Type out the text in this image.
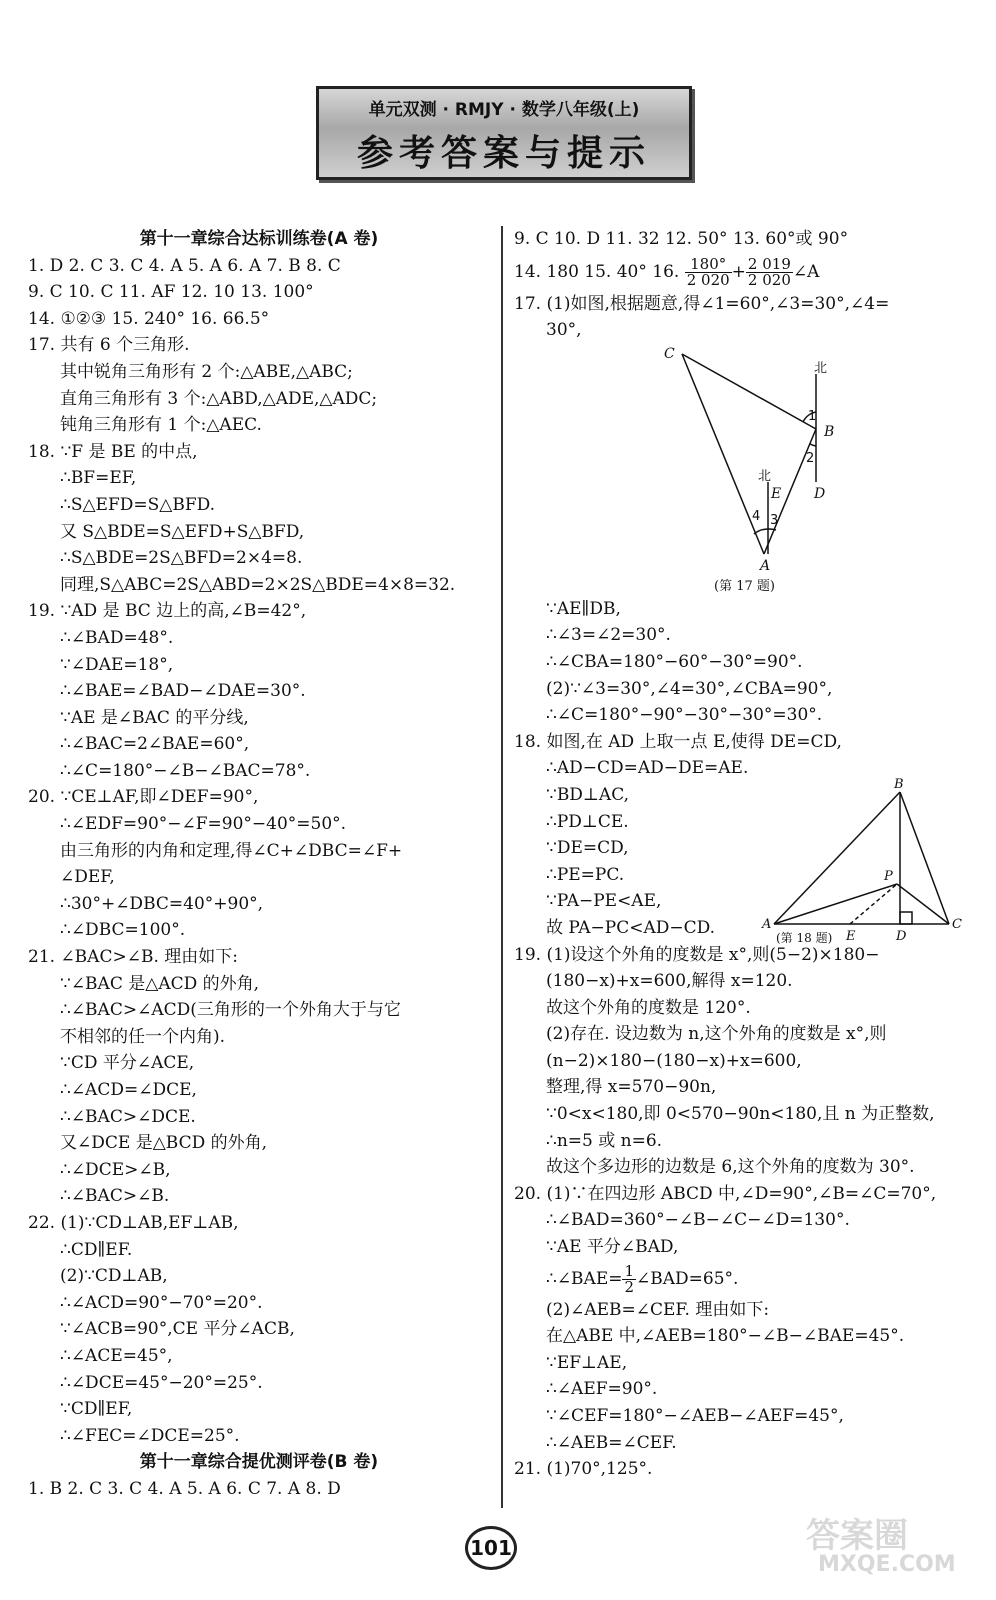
单元双测 · RMJY · 数学八年级(上)
参考答案与提示
第十一章综合达标训练卷(A 卷)
1. D 2. C 3. C 4. A 5. A 6. A 7. B 8. C
9. C 10. C 11. AF 12. 10 13. 100°
14. ①②③ 15. 240° 16. 66.5°
17. 共有 6 个三角形.
其中锐角三角形有 2 个:△ABE,△ABC;
直角三角形有 3 个:△ABD,△ADE,△ADC;
钝角三角形有 1 个:△AEC.
18. ∵F 是 BE 的中点,
∴BF=EF,
∴S△EFD=S△BFD.
又 S△BDE=S△EFD+S△BFD,
∴S△BDE=2S△BFD=2×4=8.
同理,S△ABC=2S△ABD=2×2S△BDE=4×8=32.
19. ∵AD 是 BC 边上的高,∠B=42°,
∴∠BAD=48°.
∵∠DAE=18°,
∴∠BAE=∠BAD−∠DAE=30°.
∵AE 是∠BAC 的平分线,
∴∠BAC=2∠BAE=60°,
∴∠C=180°−∠B−∠BAC=78°.
20. ∵CE⊥AF,即∠DEF=90°,
∴∠EDF=90°−∠F=90°−40°=50°.
由三角形的内角和定理,得∠C+∠DBC=∠F+
∠DEF,
∴30°+∠DBC=40°+90°,
∴∠DBC=100°.
21. ∠BAC>∠B. 理由如下:
∵∠BAC 是△ACD 的外角,
∴∠BAC>∠ACD(三角形的一个外角大于与它
不相邻的任一个内角).
∵CD 平分∠ACE,
∴∠ACD=∠DCE,
∴∠BAC>∠DCE.
又∠DCE 是△BCD 的外角,
∴∠DCE>∠B,
∴∠BAC>∠B.
22. (1)∵CD⊥AB,EF⊥AB,
∴CD∥EF.
(2)∵CD⊥AB,
∴∠ACD=90°−70°=20°.
∵∠ACB=90°,CE 平分∠ACB,
∴∠ACE=45°,
∴∠DCE=45°−20°=25°.
∵CD∥EF,
∴∠FEC=∠DCE=25°.
第十一章综合提优测评卷(B 卷)
1. B 2. C 3. C 4. A 5. A 6. C 7. A 8. D
9. C 10. D 11. 32 12. 50° 13. 60°或 90°
14. 180 15. 40° 16. $\frac{180^\circ}{2 020} + \frac{2 019}{2 020}$ ∠A
17. (1)如图,根据题意,得∠1=60°,∠3=30°,∠4=
30°,
C
B
A
D
E
北
北
1
2
3
4
(第 17 题)
∵AE∥DB,
∴∠3=∠2=30°.
∴∠CBA=180°−60°−30°=90°.
(2)∵∠3=30°,∠4=30°,∠CBA=90°,
∴∠C=180°−90°−30°−30°=30°.
18. 如图,在 AD 上取一点 E,使得 DE=CD,
∴AD−CD=AD−DE=AE.
∵BD⊥AC,
∴PD⊥CE.
∵DE=CD,
∴PE=PC.
∵PA−PE<AE,
故 PA−PC<AD−CD.
B
A	C
D
E
P
(第 18 题)
19. (1)设这个外角的度数是 x°,则(5−2)×180−
(180−x)+x=600,解得 x=120.
故这个外角的度数是 120°.
(2)存在. 设边数为 n,这个外角的度数是 x°,则
(n−2)×180−(180−x)+x=600,
整理,得 x=570−90n,
∵0<x<180,即 0<570−90n<180,且 n 为正整数,
∴n=5 或 n=6.
故这个多边形的边数是 6,这个外角的度数为 30°.
20. (1)∵在四边形 ABCD 中,∠D=90°,∠B=∠C=70°,
∴∠BAD=360°−∠B−∠C−∠D=130°.
∵AE 平分∠BAD,
∴∠BAE= $\frac{1}{2}$ ∠BAD=65°.
(2)∠AEB=∠CEF. 理由如下:
在△ABE 中,∠AEB=180°−∠B−∠BAE=45°.
∵EF⊥AE,
∴∠AEF=90°.
∵∠CEF=180°−∠AEB−∠AEF=45°,
∴∠AEB=∠CEF.
21. (1)70°,125°.
101	答案圈
MXQE.COM
